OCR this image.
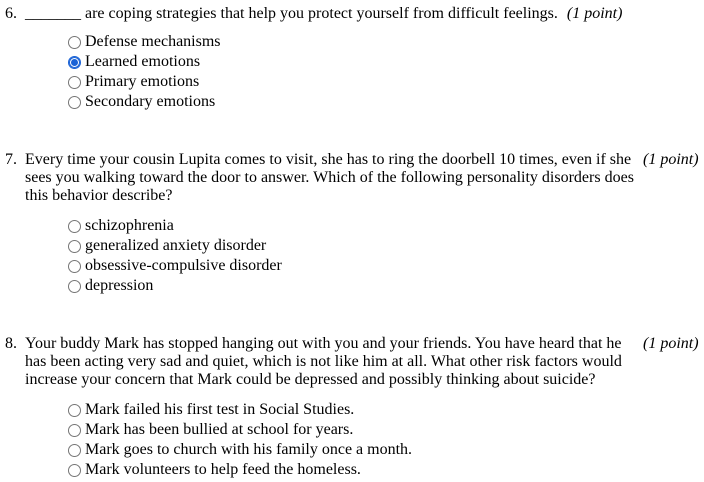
6. _______ are coping strategies that help you protect yourself from difficult feelings. (1 point)
Defense mechanisms
Learned emotions
Primary emotions
Secondary emotions
7. Every time your cousin Lupita comes to visit, she has to ring the doorbell 10 times, even if she
sees you walking toward the door to answer. Which of the following personality disorders does
this behavior describe?
(1 point)
schizophrenia
generalized anxiety disorder
obsessive-compulsive disorder
depression
8. Your buddy Mark has stopped hanging out with you and your friends. You have heard that he
has been acting very sad and quiet, which is not like him at all. What other risk factors would
increase your concern that Mark could be depressed and possibly thinking about suicide?
(1 point)
Mark failed his first test in Social Studies.
Mark has been bullied at school for years.
Mark goes to church with his family once a month.
Mark volunteers to help feed the homeless.
